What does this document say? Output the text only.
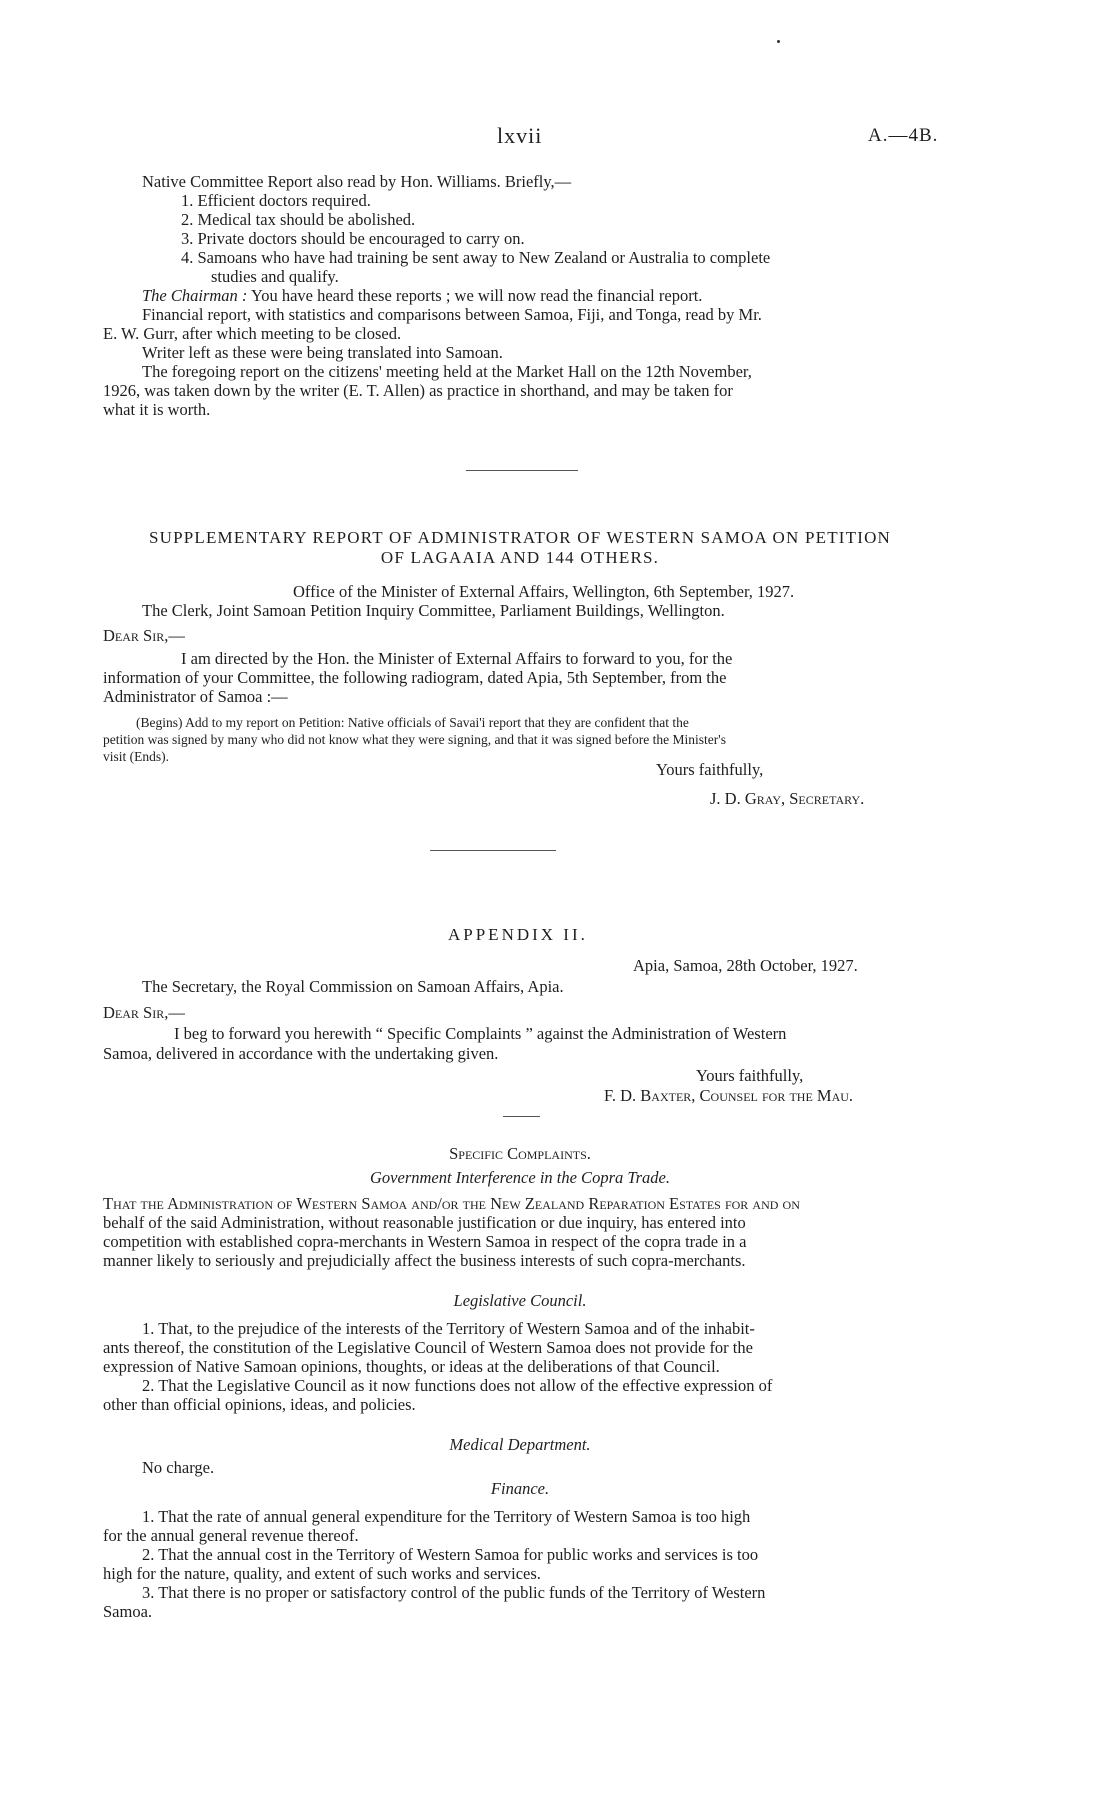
lxvii	A.—4B.
Native Committee Report also read by Hon. Williams. Briefly,—
1. Efficient doctors required.
2. Medical tax should be abolished.
3. Private doctors should be encouraged to carry on.
4. Samoans who have had training be sent away to New Zealand or Australia to complete
studies and qualify.
The Chairman : You have heard these reports ; we will now read the financial report.
Financial report, with statistics and comparisons between Samoa, Fiji, and Tonga, read by Mr.
E. W. Gurr, after which meeting to be closed.
Writer left as these were being translated into Samoan.
The foregoing report on the citizens' meeting held at the Market Hall on the 12th November,
1926, was taken down by the writer (E. T. Allen) as practice in shorthand, and may be taken for
what it is worth.
SUPPLEMENTARY REPORT OF ADMINISTRATOR OF WESTERN SAMOA ON PETITION
OF LAGAAIA AND 144 OTHERS.
Office of the Minister of External Affairs, Wellington, 6th September, 1927.
The Clerk, Joint Samoan Petition Inquiry Committee, Parliament Buildings, Wellington.
Dear Sir,—
I am directed by the Hon. the Minister of External Affairs to forward to you, for the
information of your Committee, the following radiogram, dated Apia, 5th September, from the
Administrator of Samoa :—
(Begins) Add to my report on Petition: Native officials of Savai'i report that they are confident that the
petition was signed by many who did not know what they were signing, and that it was signed before the Minister's
visit (Ends).
Yours faithfully,
J. D. Gray, Secretary.
APPENDIX II.
Apia, Samoa, 28th October, 1927.
The Secretary, the Royal Commission on Samoan Affairs, Apia.
Dear Sir,—
I beg to forward you herewith “ Specific Complaints ” against the Administration of Western
Samoa, delivered in accordance with the undertaking given.
Yours faithfully,
F. D. Baxter, Counsel for the Mau.
Specific Complaints.
Government Interference in the Copra Trade.
That the Administration of Western Samoa and/or the New Zealand Reparation Estates for and on
behalf of the said Administration, without reasonable justification or due inquiry, has entered into
competition with established copra-merchants in Western Samoa in respect of the copra trade in a
manner likely to seriously and prejudicially affect the business interests of such copra-merchants.
Legislative Council.
1. That, to the prejudice of the interests of the Territory of Western Samoa and of the inhabit-
ants thereof, the constitution of the Legislative Council of Western Samoa does not provide for the
expression of Native Samoan opinions, thoughts, or ideas at the deliberations of that Council.
2. That the Legislative Council as it now functions does not allow of the effective expression of
other than official opinions, ideas, and policies.
Medical Department.
No charge.
Finance.
1. That the rate of annual general expenditure for the Territory of Western Samoa is too high
for the annual general revenue thereof.
2. That the annual cost in the Territory of Western Samoa for public works and services is too
high for the nature, quality, and extent of such works and services.
3. That there is no proper or satisfactory control of the public funds of the Territory of Western
Samoa.
